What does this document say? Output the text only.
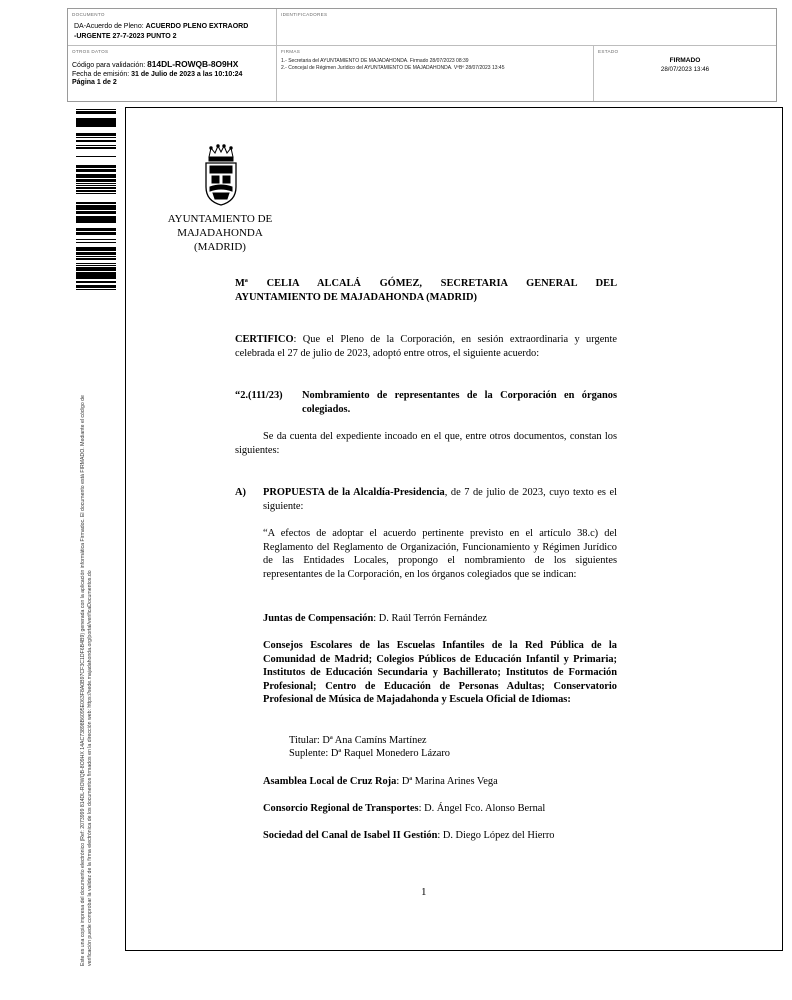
DOCUMENTO
DA-Acuerdo de Pleno: ACUERDO PLENO EXTRAORD
-URGENTE 27-7-2023 PUNTO 2
IDENTIFICADORES
OTROS DATOS
Código para validación: 814DL-ROWQB-8O9HX
Fecha de emisión: 31 de Julio de 2023 a las 10:10:24
Página 1 de 2
FIRMAS
1.- Secretaria del AYUNTAMIENTO DE MAJADAHONDA. Firmado 28/07/2023 08:39
2.- Concejal de Régimen Jurídico del AYUNTAMIENTO DE MAJADAHONDA. VºBº 28/07/2023 13:45
ESTADO
FIRMADO
28/07/2023 13:46
Este es una copia impresa del documento electrónico (Ref: 2073999 814DL-ROWQB-8O9HX 14AC73898B6095E063F8A0B97CF3C1DF6B4B9) generada con la aplicación informática Firmadoc. El documento está FIRMADO. Mediante el código de verificación puede comprobar la validez de la firma electrónica de los documentos firmados en la dirección web: https://sede.majadahonda.org/portal/verificaDocumentos.do
AYUNTAMIENTO DE
MAJADAHONDA
(MADRID)
Mª CELIA ALCALÁ GÓMEZ, SECRETARIA GENERAL DEL
AYUNTAMIENTO DE MAJADAHONDA (MADRID)
CERTIFICO: Que el Pleno de la Corporación, en sesión extraordinaria y urgente celebrada el 27 de julio de 2023, adoptó entre otros, el siguiente acuerdo:
“2.(111/23) Nombramiento de representantes de la Corporación en órganos colegiados.
Se da cuenta del expediente incoado en el que, entre otros documentos, constan los siguientes:
A) PROPUESTA de la Alcaldía-Presidencia, de 7 de julio de 2023, cuyo texto es el siguiente:
“A efectos de adoptar el acuerdo pertinente previsto en el artículo 38.c) del Reglamento del Reglamento de Organización, Funcionamiento y Régimen Jurídico de las Entidades Locales, propongo el nombramiento de los siguientes representantes de la Corporación, en los órganos colegiados que se indican:
Juntas de Compensación: D. Raúl Terrón Fernández
Consejos Escolares de las Escuelas Infantiles de la Red Pública de la Comunidad de Madrid; Colegios Públicos de Educación Infantil y Primaria; Institutos de Educación Secundaria y Bachillerato; Institutos de Formación Profesional; Centro de Educación de Personas Adultas; Conservatorio Profesional de Música de Majadahonda y Escuela Oficial de Idiomas:
Titular: Dª Ana Camíns Martínez
Suplente: Dª Raquel Monedero Lázaro
Asamblea Local de Cruz Roja: Dª Marina Arines Vega
Consorcio Regional de Transportes: D. Ángel Fco. Alonso Bernal
Sociedad del Canal de Isabel II Gestión: D. Diego López del Hierro
1
